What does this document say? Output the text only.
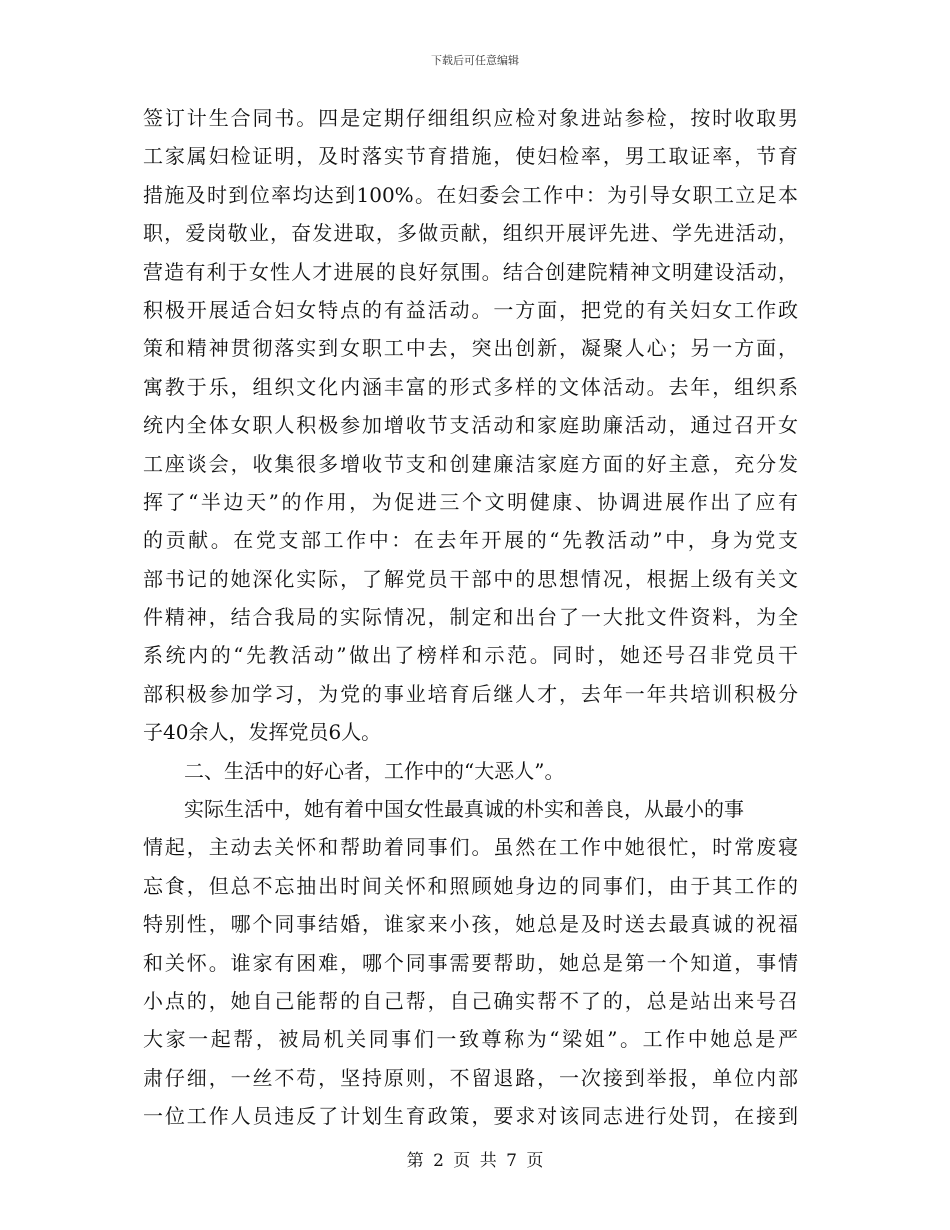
下载后可任意编辑
签订计生合同书。四是定期仔细组织应检对象进站参检，按时收取男
工家属妇检证明，及时落实节育措施，使妇检率，男工取证率，节育
措施及时到位率均达到100%。在妇委会工作中：为引导女职工立足本
职，爱岗敬业，奋发进取，多做贡献，组织开展评先进、学先进活动，
营造有利于女性人才进展的良好氛围。结合创建院精神文明建设活动，
积极开展适合妇女特点的有益活动。一方面，把党的有关妇女工作政
策和精神贯彻落实到女职工中去，突出创新，凝聚人心；另一方面，
寓教于乐，组织文化内涵丰富的形式多样的文体活动。去年，组织系
统内全体女职人积极参加增收节支活动和家庭助廉活动，通过召开女
工座谈会，收集很多增收节支和创建廉洁家庭方面的好主意，充分发
挥了“半边天”的作用，为促进三个文明健康、协调进展作出了应有
的贡献。在党支部工作中：在去年开展的“先教活动”中，身为党支
部书记的她深化实际，了解党员干部中的思想情况，根据上级有关文
件精神，结合我局的实际情况，制定和出台了一大批文件资料，为全
系统内的“先教活动”做出了榜样和示范。同时，她还号召非党员干
部积极参加学习，为党的事业培育后继人才，去年一年共培训积极分
子40余人，发挥党员6人。
二、生活中的好心者，工作中的“大恶人”。
实际生活中，她有着中国女性最真诚的朴实和善良，从最小的事
情起，主动去关怀和帮助着同事们。虽然在工作中她很忙，时常废寝
忘食，但总不忘抽出时间关怀和照顾她身边的同事们，由于其工作的
特别性，哪个同事结婚，谁家来小孩，她总是及时送去最真诚的祝福
和关怀。谁家有困难，哪个同事需要帮助，她总是第一个知道，事情
小点的，她自己能帮的自己帮，自己确实帮不了的，总是站出来号召
大家一起帮，被局机关同事们一致尊称为“梁姐”。工作中她总是严
肃仔细，一丝不苟，坚持原则，不留退路，一次接到举报，单位内部
一位工作人员违反了计划生育政策，要求对该同志进行处罚，在接到
第 2 页 共 7 页
